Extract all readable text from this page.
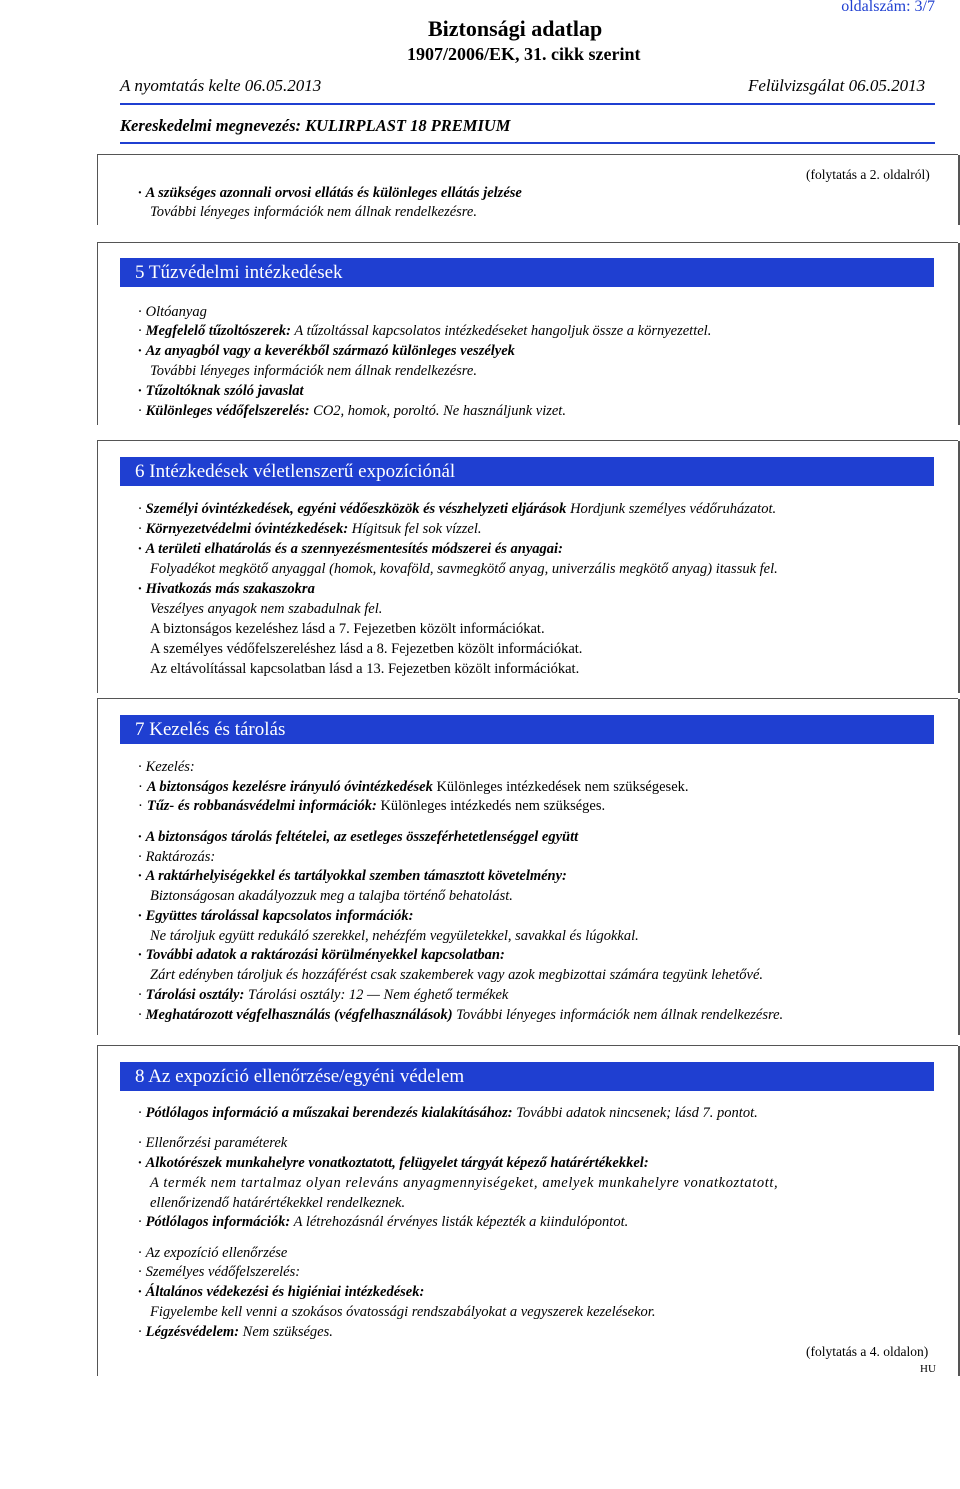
oldalszám: 3/7
Biztonsági adatlap
1907/2006/EK, 31. cikk szerint
A nyomtatás kelte 06.05.2013	Felülvizsgálat 06.05.2013
Kereskedelmi megnevezés: KULIRPLAST 18 PREMIUM
(folytatás a 2. oldalról)
· A szükséges azonnali orvosi ellátás és különleges ellátás jelzése
További lényeges információk nem állnak rendelkezésre.
5 Tűzvédelmi intézkedések
· Oltóanyag
· Megfelelő tűzoltószerek: A tűzoltással kapcsolatos intézkedéseket hangoljuk össze a környezettel.
· Az anyagból vagy a keverékből származó különleges veszélyek
További lényeges információk nem állnak rendelkezésre.
· Tűzoltóknak szóló javaslat
· Különleges védőfelszerelés: CO2, homok, poroltó. Ne használjunk vizet.
6 Intézkedések véletlenszerű expozíciónál
· Személyi óvintézkedések, egyéni védőeszközök és vészhelyzeti eljárások Hordjunk személyes védőruházatot.
· Környezetvédelmi óvintézkedések: Hígitsuk fel sok vízzel.
· A területi elhatárolás és a szennyezésmentesítés módszerei és anyagai:
Folyadékot megkötő anyaggal (homok, kovaföld, savmegkötő anyag, univerzális megkötő anyag) itassuk fel.
· Hivatkozás más szakaszokra
Veszélyes anyagok nem szabadulnak fel.
A biztonságos kezeléshez lásd a 7. Fejezetben közölt információkat.
A személyes védőfelszereléshez lásd a 8. Fejezetben közölt információkat.
Az eltávolítással kapcsolatban lásd a 13. Fejezetben közölt információkat.
7 Kezelés és tárolás
· Kezelés:
· A biztonságos kezelésre irányuló óvintézkedések Különleges intézkedések nem szükségesek.
· Tűz- és robbanásvédelmi információk: Különleges intézkedés nem szükséges.
· A biztonságos tárolás feltételei, az esetleges összeférhetetlenséggel együtt
· Raktározás:
· A raktárhelyiségekkel és tartályokkal szemben támasztott követelmény:
Biztonságosan akadályozzuk meg a talajba történő behatolást.
· Együttes tárolással kapcsolatos információk:
Ne tároljuk együtt redukáló szerekkel, nehézfém vegyületekkel, savakkal és lúgokkal.
· További adatok a raktározási körülményekkel kapcsolatban:
Zárt edényben tároljuk és hozzáférést csak szakemberek vagy azok megbizottai számára tegyünk lehetővé.
· Tárolási osztály: Tárolási osztály: 12 — Nem éghető termékek
· Meghatározott végfelhasználás (végfelhasználások) További lényeges információk nem állnak rendelkezésre.
8 Az expozíció ellenőrzése/egyéni védelem
· Pótlólagos információ a műszakai berendezés kialakításához: További adatok nincsenek; lásd 7. pontot.
· Ellenőrzési paraméterek
· Alkotórészek munkahelyre vonatkoztatott, felügyelet tárgyát képező határértékekkel:
A termék nem tartalmaz olyan releváns anyagmennyiségeket, amelyek munkahelyre vonatkoztatott,
ellenőrizendő határértékekkel rendelkeznek.
· Pótlólagos információk: A létrehozásnál érvényes listák képezték a kiindulópontot.
· Az expozíció ellenőrzése
· Személyes védőfelszerelés:
· Általános védekezési és higiéniai intézkedések:
Figyelembe kell venni a szokásos óvatossági rendszabályokat a vegyszerek kezelésekor.
· Légzésvédelem: Nem szükséges.
(folytatás a 4. oldalon)
HU
